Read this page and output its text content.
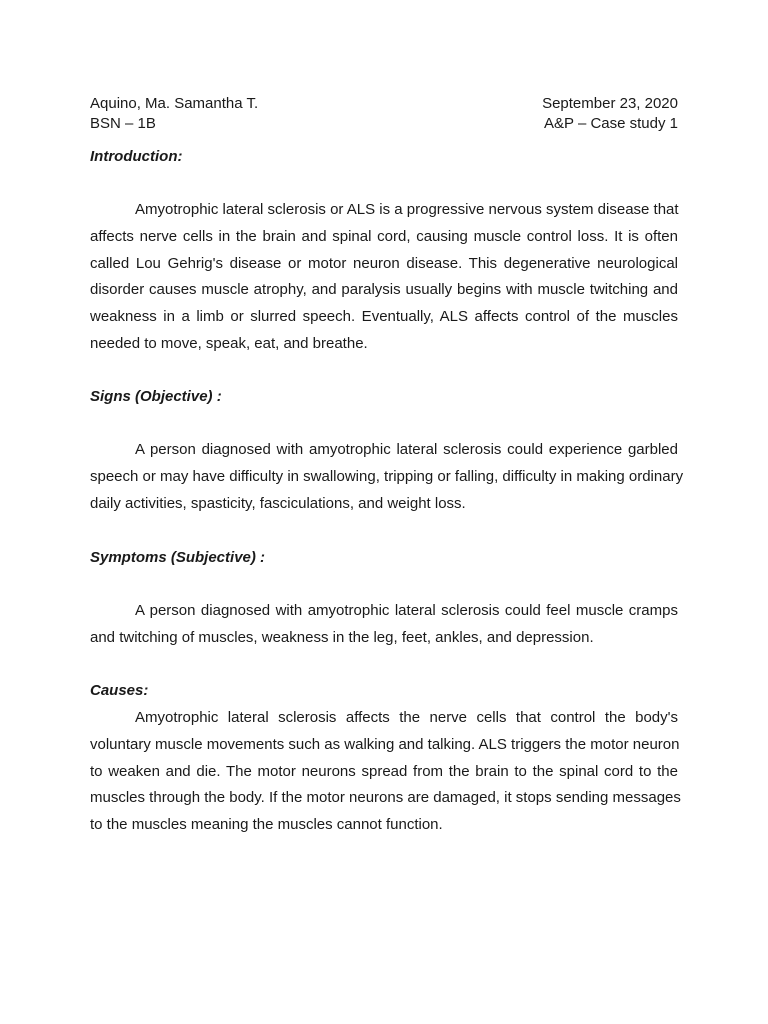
Aquino, Ma. Samantha T.
BSN – 1B
September 23, 2020
A&P – Case study 1
Introduction:
Amyotrophic lateral sclerosis or ALS is a progressive nervous system disease that
affects nerve cells in the brain and spinal cord, causing muscle control loss. It is often
called Lou Gehrig's disease or motor neuron disease. This degenerative neurological
disorder causes muscle atrophy, and paralysis usually begins with muscle twitching and
weakness in a limb or slurred speech. Eventually, ALS affects control of the muscles
needed to move, speak, eat, and breathe.
Signs (Objective) :
A person diagnosed with amyotrophic lateral sclerosis could experience garbled
speech or may have difficulty in swallowing, tripping or falling, difficulty in making ordinary
daily activities, spasticity, fasciculations, and weight loss.
Symptoms (Subjective) :
A person diagnosed with amyotrophic lateral sclerosis could feel muscle cramps
and twitching of muscles, weakness in the leg, feet, ankles, and depression.
Causes:
Amyotrophic lateral sclerosis affects the nerve cells that control the body's
voluntary muscle movements such as walking and talking. ALS triggers the motor neuron
to weaken and die. The motor neurons spread from the brain to the spinal cord to the
muscles through the body. If the motor neurons are damaged, it stops sending messages
to the muscles meaning the muscles cannot function.
